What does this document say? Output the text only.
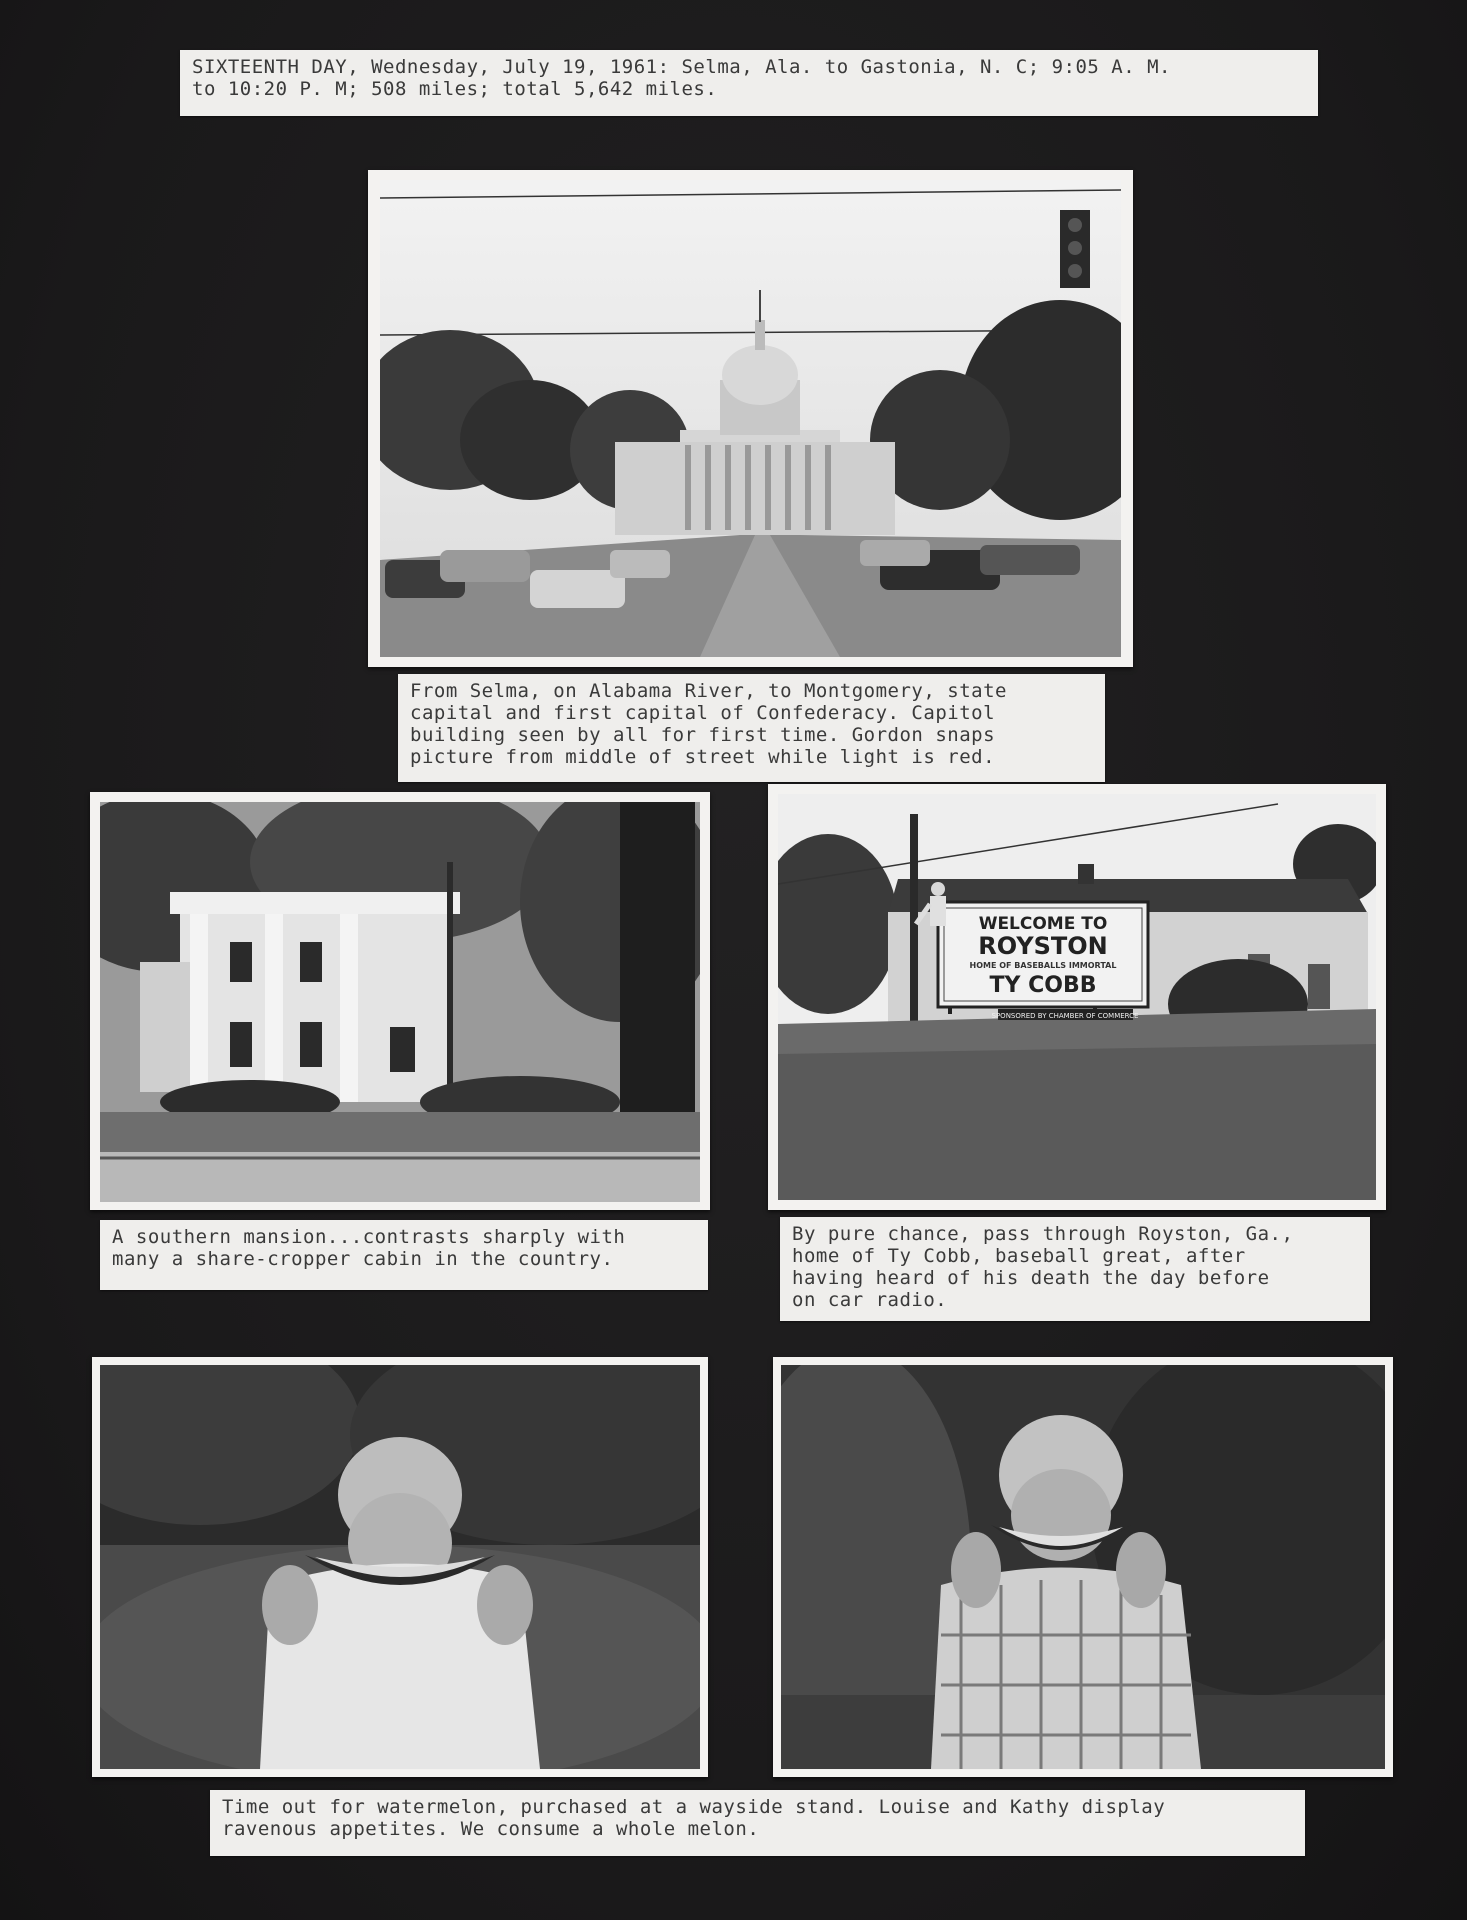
SIXTEENTH DAY, Wednesday, July 19, 1961: Selma, Ala. to Gastonia, N. C; 9:05 A. M.
to 10:20 P. M; 508 miles; total 5,642 miles.
From Selma, on Alabama River, to Montgomery, state
capital and first capital of Confederacy. Capitol
building seen by all for first time. Gordon snaps
picture from middle of street while light is red.
A southern mansion...contrasts sharply with
many a share-cropper cabin in the country.
WELCOME TO
ROYSTON
HOME OF BASEBALLS IMMORTAL
TY COBB
SPONSORED BY CHAMBER OF COMMERCE
By pure chance, pass through Royston, Ga.,
home of Ty Cobb, baseball great, after
having heard of his death the day before
on car radio.
Time out for watermelon, purchased at a wayside stand. Louise and Kathy display
ravenous appetites. We consume a whole melon.
